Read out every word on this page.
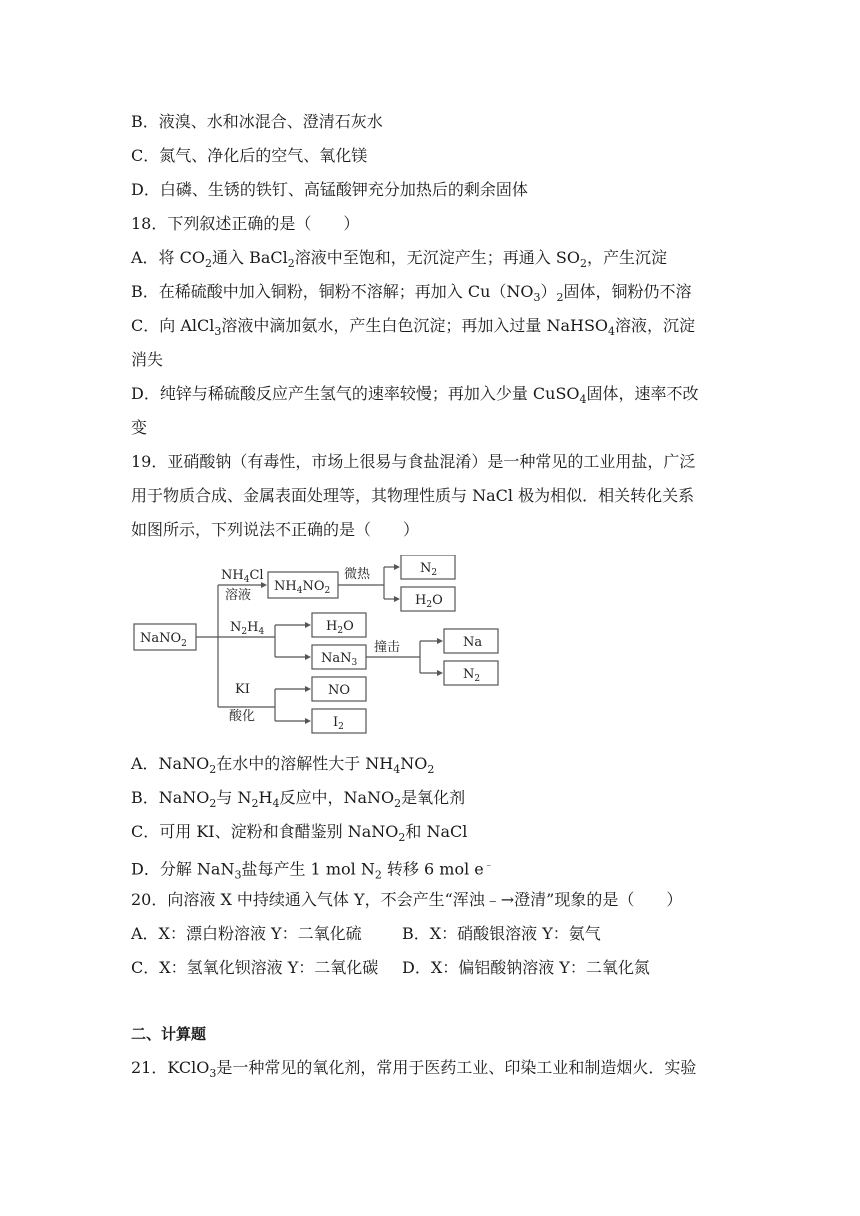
B．液溴、水和冰混合、澄清石灰水
C．氮气、净化后的空气、氧化镁
D．白磷、生锈的铁钉、高锰酸钾充分加热后的剩余固体
18．下列叙述正确的是（　　）
A．将 $CO_2$通入 BaCl$_2$溶液中至饱和，无沉淀产生；再通入 $SO_2$，产生沉淀
B．在稀硫酸中加入铜粉，铜粉不溶解；再加入 $Cu(NO_3)_2$固体，铜粉仍不溶
C．向 AlCl$_3$溶液中滴加氨水，产生白色沉淀；再加入过量 NaHSO$_4$溶液，沉淀
消失
D．纯锌与稀硫酸反应产生氢气的速率较慢；再加入少量 CuSO$_4$固体，速率不改
变
19．亚硝酸钠（有毒性，市场上很易与食盐混淆）是一种常见的工业用盐，广泛
用于物质合成、金属表面处理等，其物理性质与 NaCl 极为相似．相关转化关系
如图所示，下列说法不正确的是（　　）
NaNO$_2$
$NH_4Cl$
溶液
$NH_4NO_2$
微热	$N_2$
$H_2O$
$N_2H_4$	$H_2O$
NaN$_3$
撞击	Na
$N_2$
KI
酸化
NO
$I_2$
A．NaNO$_2$在水中的溶解性大于 $NH_4NO_2$
B．NaNO$_2$与 $N_2H_4$反应中，NaNO$_2$是氧化剂
C．可用 KI、淀粉和食醋鉴别 NaNO$_2$和 NaCl
D．分解 NaN$_3$盐每产生 1 mol $N_2$ 转移 6 mol e﹣
20．向溶液 X 中持续通入气体 Y，不会产生“浑浊﹣→澄清”现象的是（　　）
A．X：漂白粉溶液 Y：二氧化硫	B．X：硝酸银溶液 Y：氨气
C．X：氢氧化钡溶液 Y：二氧化碳 D．X：偏铝酸钠溶液 Y：二氧化氮
二、计算题
21．KClO$_3$是一种常见的氧化剂，常用于医药工业、印染工业和制造烟火．实验
